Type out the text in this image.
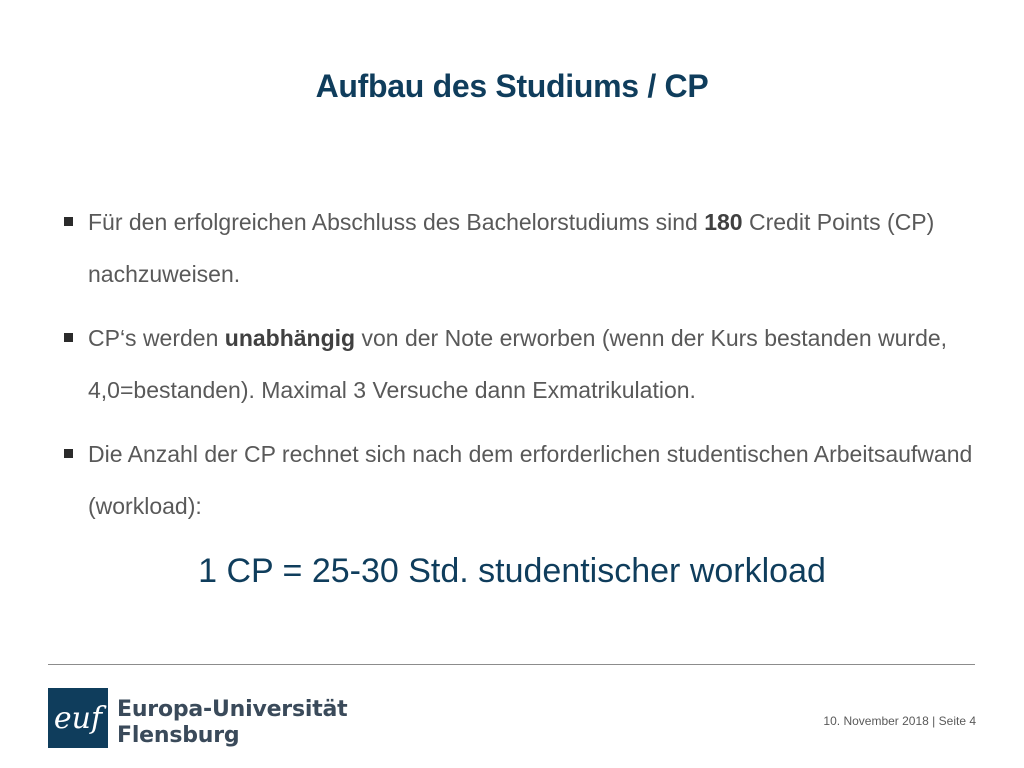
Aufbau des Studiums / CP
Für den erfolgreichen Abschluss des Bachelorstudiums sind 180 Credit Points (CP) nachzuweisen.
CP‘s werden unabhängig von der Note erworben (wenn der Kurs bestanden wurde, 4,0=bestanden). Maximal 3 Versuche dann Exmatrikulation.
Die Anzahl der CP rechnet sich nach dem erforderlichen studentischen Arbeitsaufwand (workload):
1 CP = 25-30 Std. studentischer workload
euf Europa-Universität
Flensburg
10. November 2018 | Seite 4
